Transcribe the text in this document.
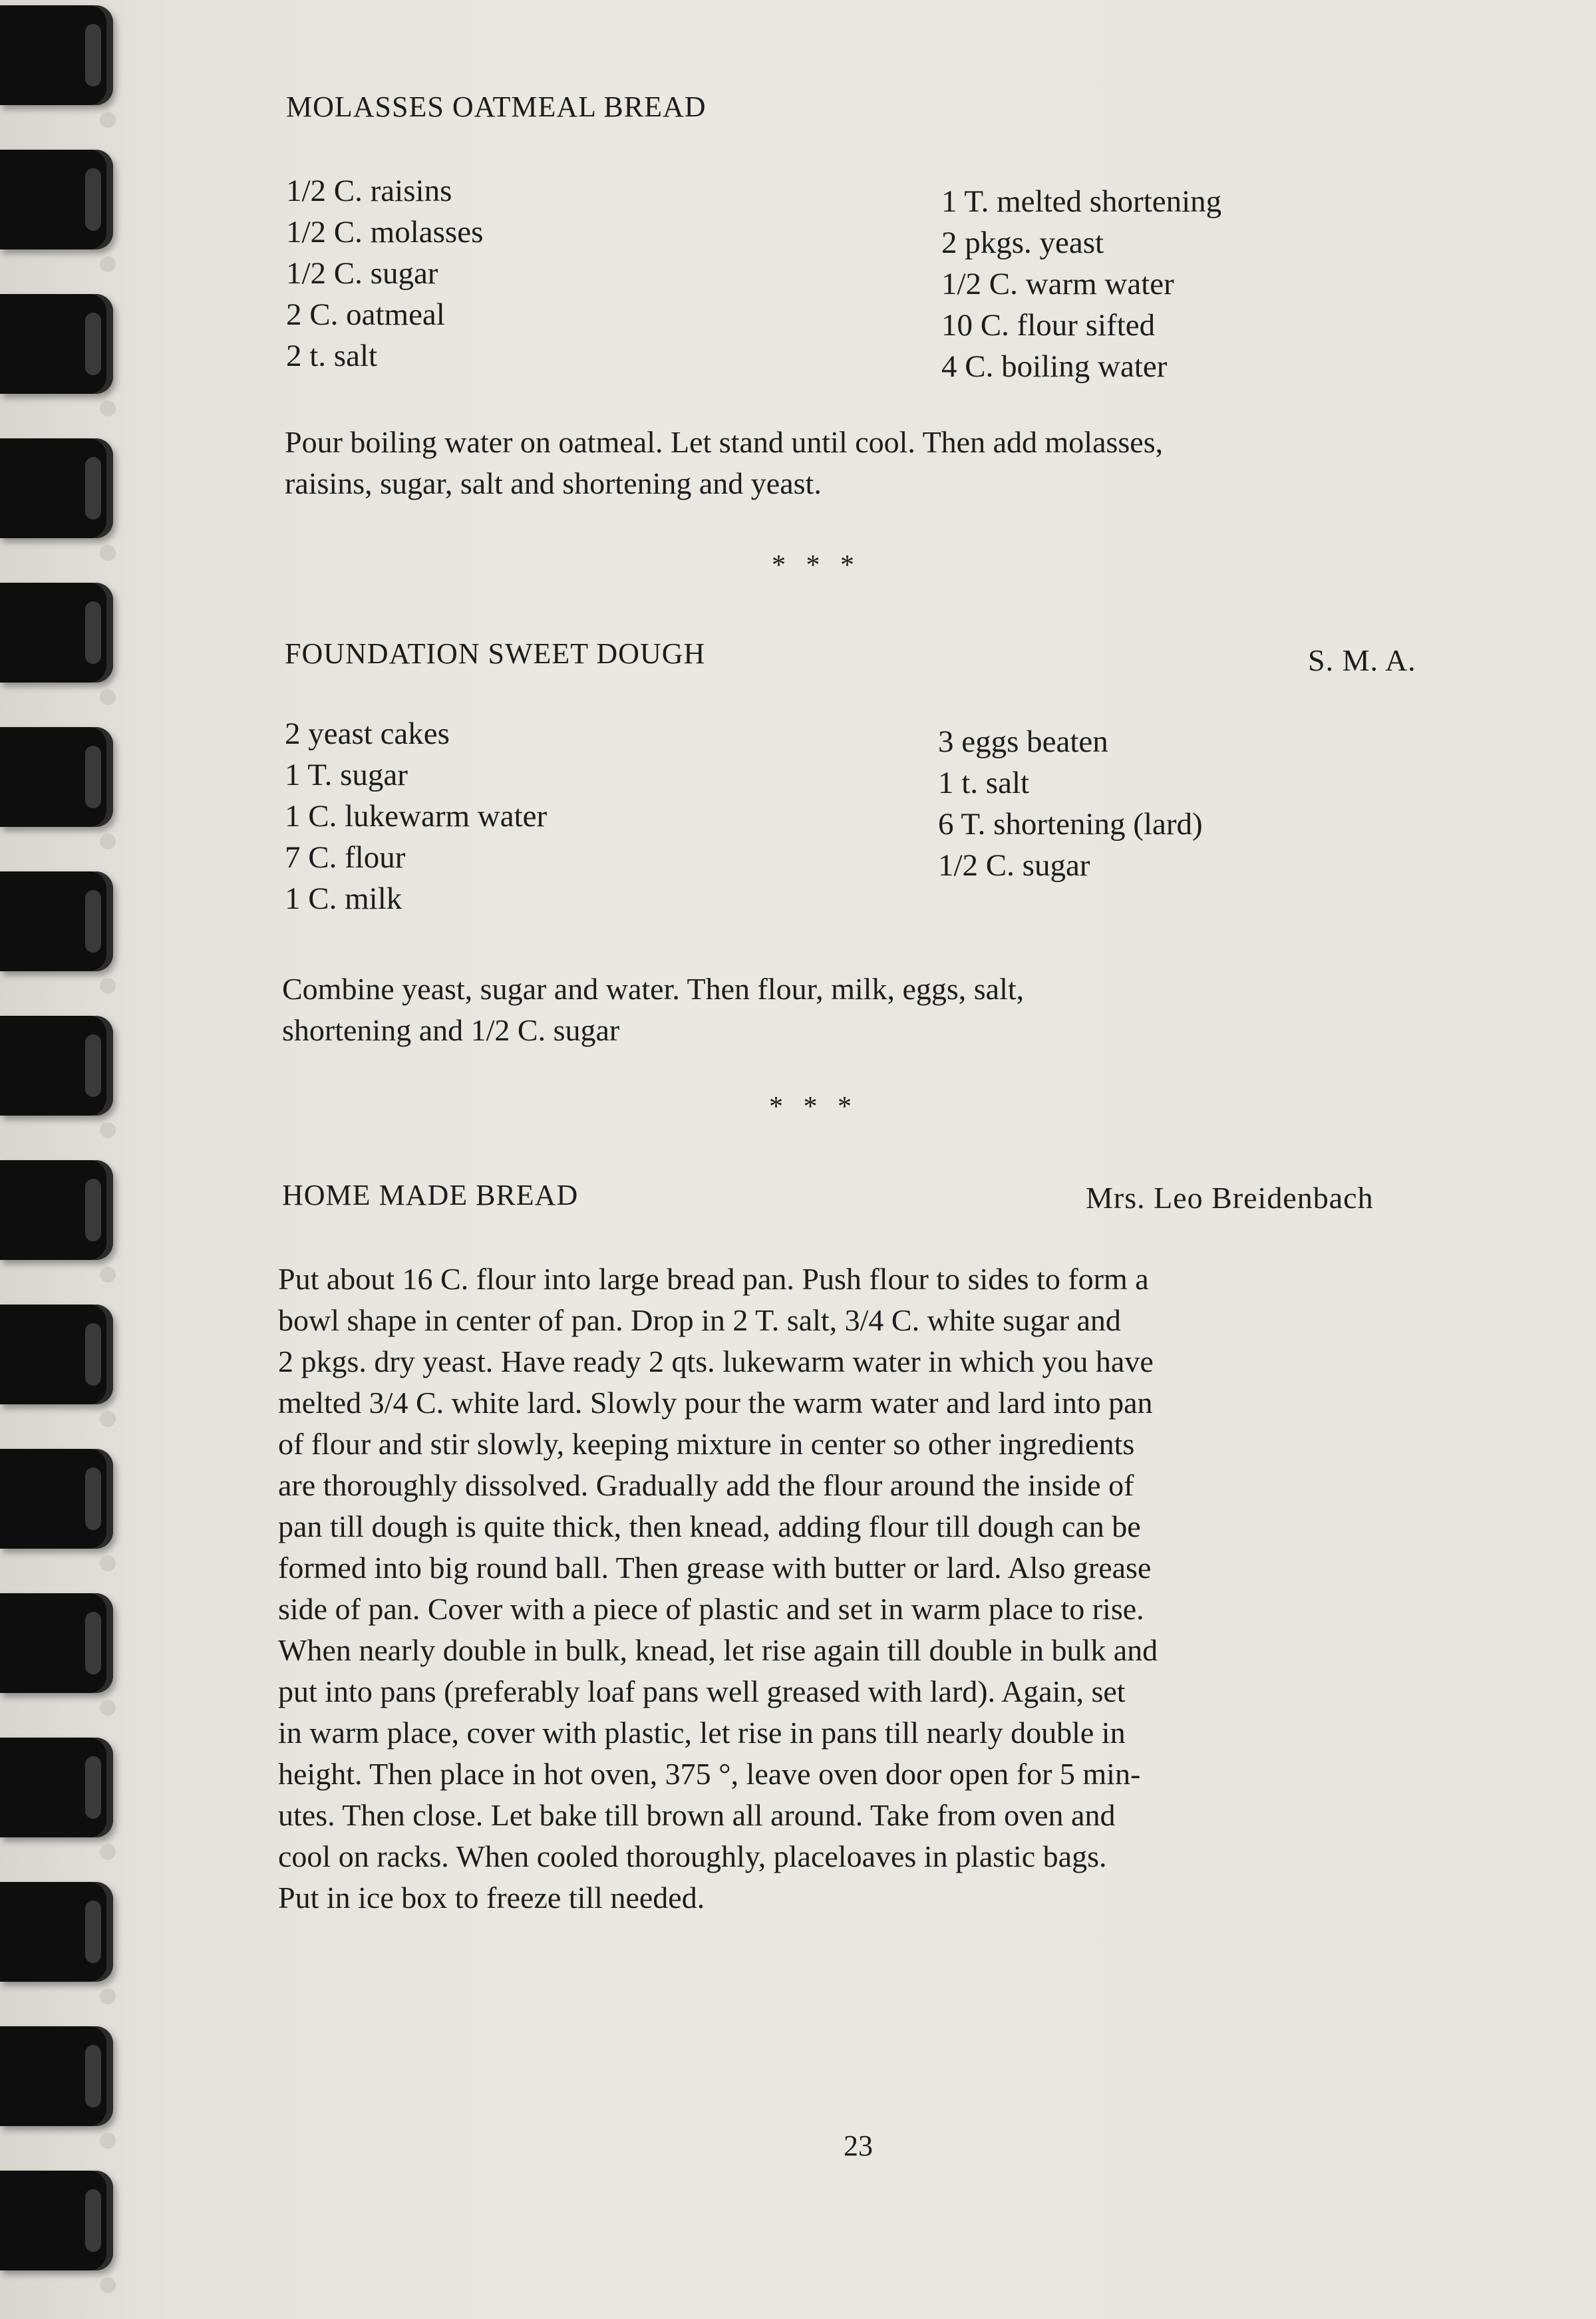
MOLASSES OATMEAL BREAD
1/2 C. raisins
1/2 C. molasses
1/2 C. sugar
2 C. oatmeal
2 t. salt
1 T. melted shortening
2 pkgs. yeast
1/2 C. warm water
10 C. flour sifted
4 C. boiling water
Pour boiling water on oatmeal. Let stand until cool. Then add molasses,
raisins, sugar, salt and shortening and yeast.
* * *
FOUNDATION SWEET DOUGH	S. M. A.
2 yeast cakes
1 T. sugar
1 C. lukewarm water
7 C. flour
1 C. milk
3 eggs beaten
1 t. salt
6 T. shortening (lard)
1/2 C. sugar
Combine yeast, sugar and water. Then flour, milk, eggs, salt,
shortening and 1/2 C. sugar
* * *
HOME MADE BREAD	Mrs. Leo Breidenbach
Put about 16 C. flour into large bread pan. Push flour to sides to form a
bowl shape in center of pan. Drop in 2 T. salt, 3/4 C. white sugar and
2 pkgs. dry yeast. Have ready 2 qts. lukewarm water in which you have
melted 3/4 C. white lard. Slowly pour the warm water and lard into pan
of flour and stir slowly, keeping mixture in center so other ingredients
are thoroughly dissolved. Gradually add the flour around the inside of
pan till dough is quite thick, then knead, adding flour till dough can be
formed into big round ball. Then grease with butter or lard. Also grease
side of pan. Cover with a piece of plastic and set in warm place to rise.
When nearly double in bulk, knead, let rise again till double in bulk and
put into pans (preferably loaf pans well greased with lard). Again, set
in warm place, cover with plastic, let rise in pans till nearly double in
height. Then place in hot oven, 375 °, leave oven door open for 5 min-
utes. Then close. Let bake till brown all around. Take from oven and
cool on racks. When cooled thoroughly, placeloaves in plastic bags.
Put in ice box to freeze till needed.
23
